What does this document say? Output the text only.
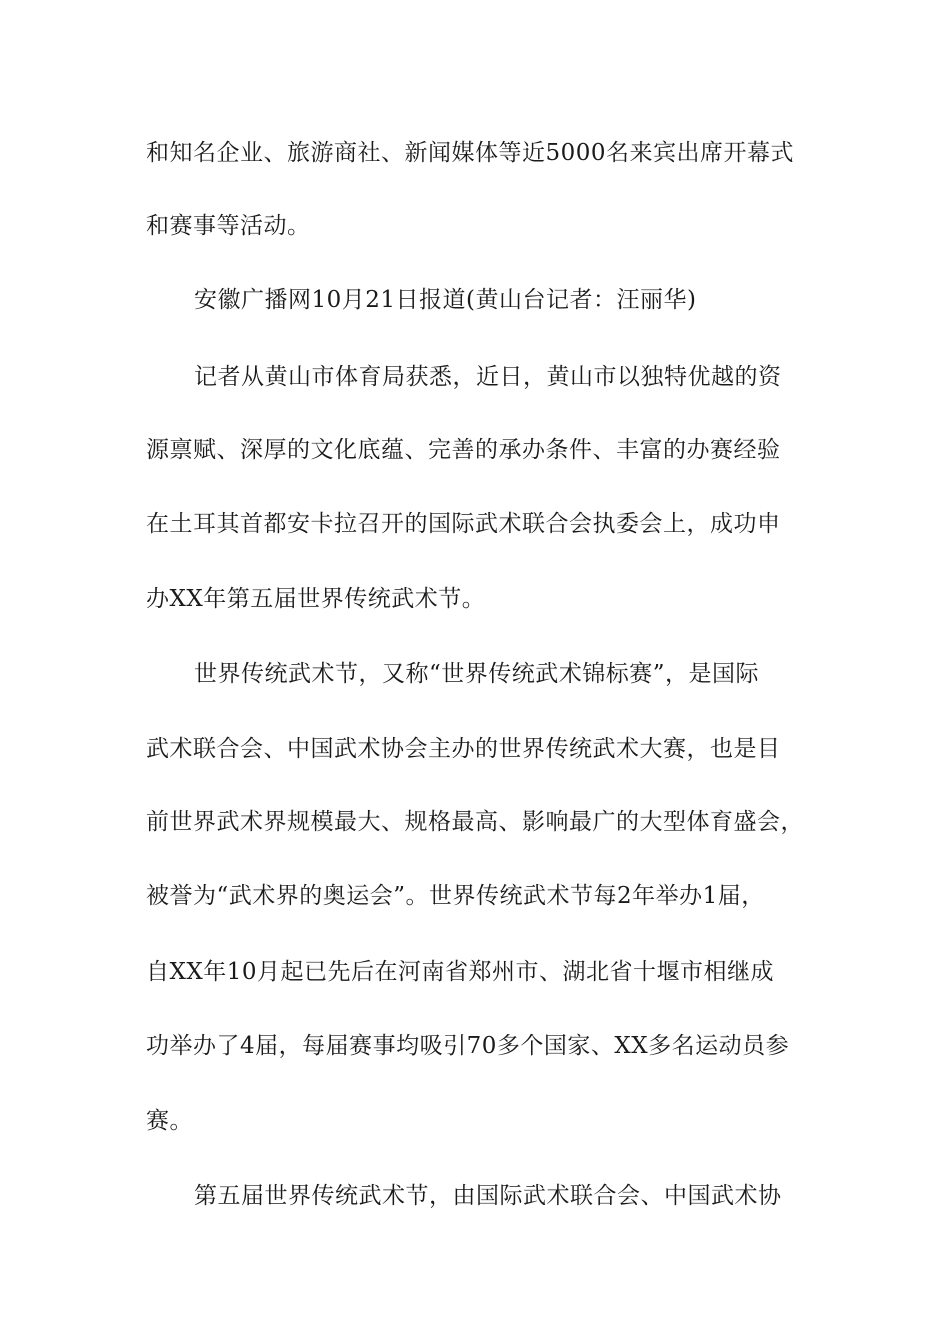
和知名企业、旅游商社、新闻媒体等近5000名来宾出席开幕式
和赛事等活动。
安徽广播网10月21日报道(黄山台记者：汪丽华)
记者从黄山市体育局获悉，近日，黄山市以独特优越的资
源禀赋、深厚的文化底蕴、完善的承办条件、丰富的办赛经验
在土耳其首都安卡拉召开的国际武术联合会执委会上，成功申
办XX年第五届世界传统武术节。
世界传统武术节，又称“世界传统武术锦标赛”，是国际
武术联合会、中国武术协会主办的世界传统武术大赛，也是目
前世界武术界规模最大、规格最高、影响最广的大型体育盛会，
被誉为“武术界的奥运会”。世界传统武术节每2年举办1届，
自XX年10月起已先后在河南省郑州市、湖北省十堰市相继成
功举办了4届，每届赛事均吸引70多个国家、XX多名运动员参
赛。
第五届世界传统武术节，由国际武术联合会、中国武术协
